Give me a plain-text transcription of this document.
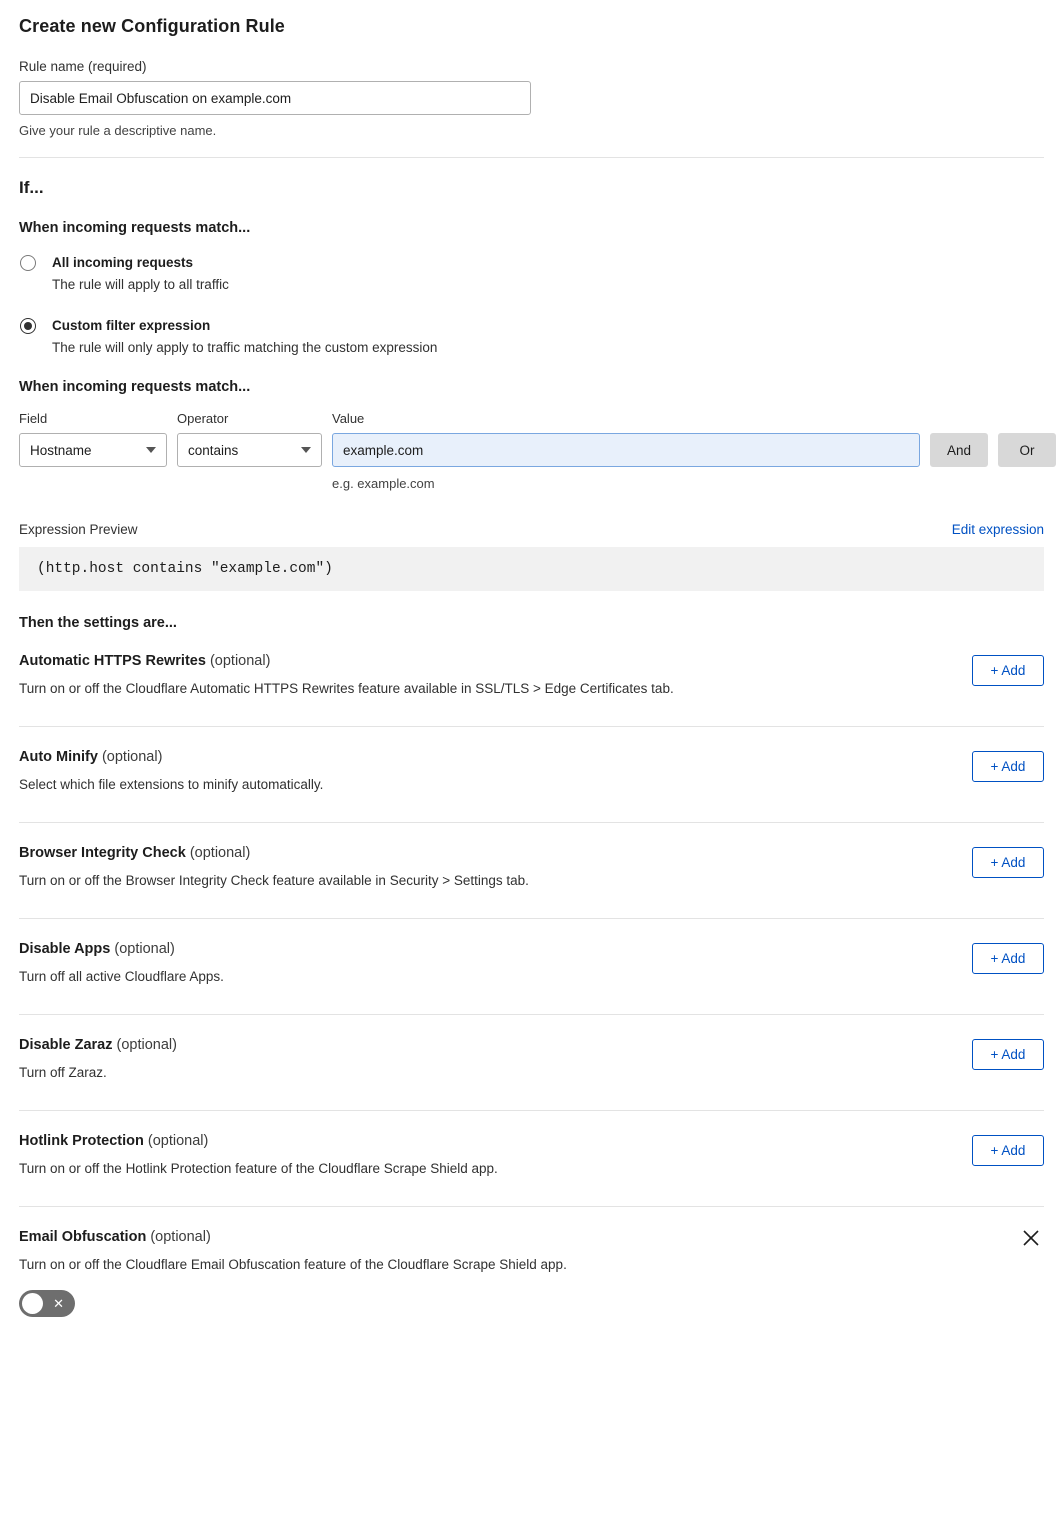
Create new Configuration Rule
Rule name (required)
Disable Email Obfuscation on example.com
Give your rule a descriptive name.
If...
When incoming requests match...
All incoming requests
The rule will apply to all traffic
Custom filter expression
The rule will only apply to traffic matching the custom expression
When incoming requests match...
Field
Hostname
Operator
contains
Value
example.com
e.g. example.com

And
	Or
Expression Preview	Edit expression
(http.host contains "example.com")
Then the settings are...
Automatic HTTPS Rewrites (optional)
Turn on or off the Cloudflare Automatic HTTPS Rewrites feature available in SSL/TLS > Edge Certificates tab.
+ Add
Auto Minify (optional)
Select which file extensions to minify automatically.
+ Add
Browser Integrity Check (optional)
Turn on or off the Browser Integrity Check feature available in Security > Settings tab.
+ Add
Disable Apps (optional)
Turn off all active Cloudflare Apps.
+ Add
Disable Zaraz (optional)
Turn off Zaraz.
+ Add
Hotlink Protection (optional)
Turn on or off the Hotlink Protection feature of the Cloudflare Scrape Shield app.
+ Add
Email Obfuscation (optional)
Turn on or off the Cloudflare Email Obfuscation feature of the Cloudflare Scrape Shield app.
✕
